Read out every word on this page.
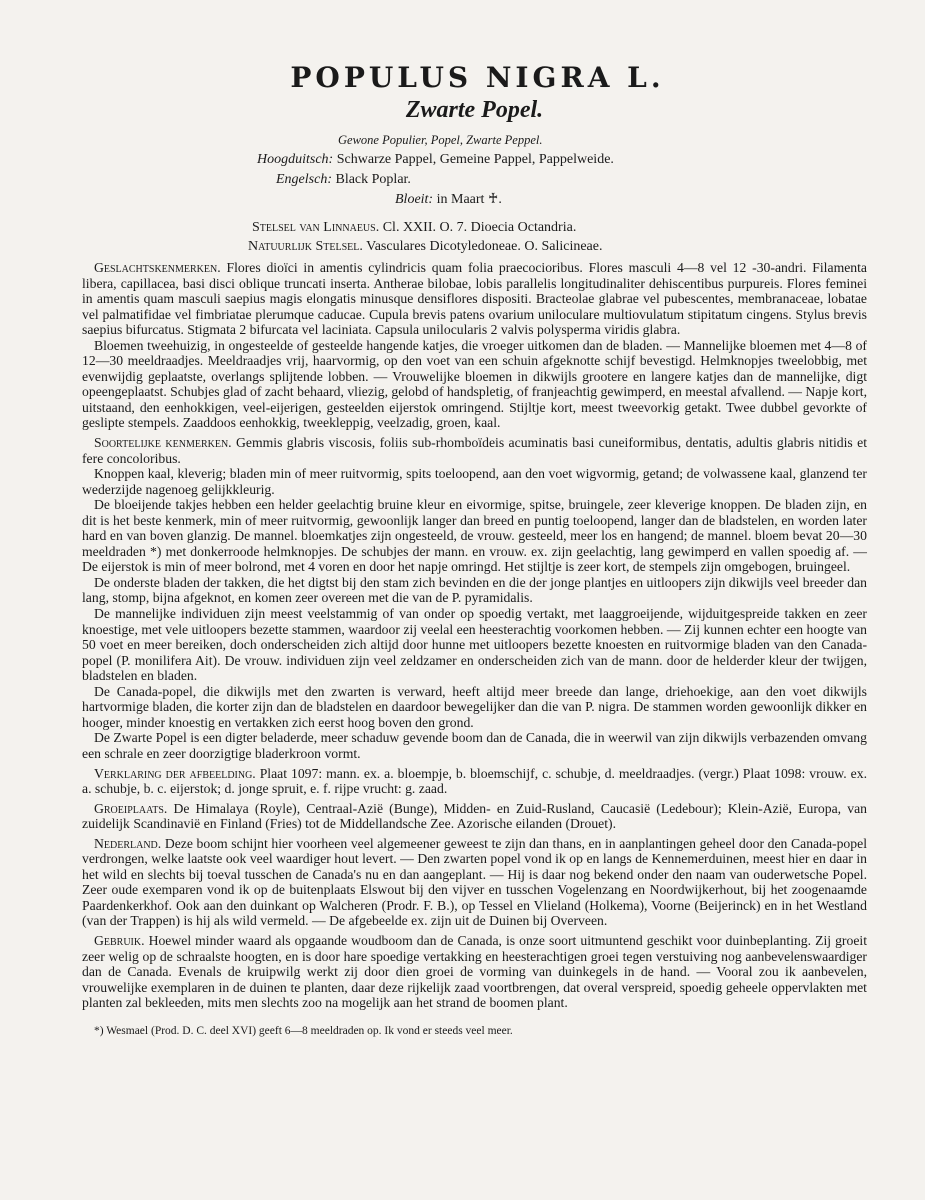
POPULUS NIGRA L.
Zwarte Popel.
Gewone Populier, Popel, Zwarte Peppel.
Hoogduitsch: Schwarze Pappel, Gemeine Pappel, Pappelweide.
Engelsch: Black Poplar.
Bloeit: in Maart ♰.
Stelsel van Linnaeus. Cl. XXII. O. 7. Dioecia Octandria.
Natuurlijk Stelsel. Vasculares Dicotyledoneae. O. Salicineae.

Geslachtskenmerken. Flores dioïci in amentis cylindricis quam folia praecocioribus. Flores masculi 4—8 vel 12 -30-andri. Filamenta libera, capillacea, basi disci oblique truncati inserta. Antherae bilobae, lobis parallelis longitudinaliter dehiscentibus purpureis. Flores feminei in amentis quam masculi saepius magis elongatis minusque densiflores dispositi. Bracteolae glabrae vel pubescentes, membranaceae, lobatae vel palmatifidae vel fimbriatae plerumque caducae. Cupula brevis patens ovarium uniloculare multiovulatum stipitatum cingens. Stylus brevis saepius bifurcatus. Stigmata 2 bifurcata vel laciniata. Capsula unilocularis 2 valvis polysperma viridis glabra.

Bloemen tweehuizig, in ongesteelde of gesteelde hangende katjes, die vroeger uitkomen dan de bladen. — Mannelijke bloemen met 4—8 of 12—30 meeldraadjes. Meeldraadjes vrij, haarvormig, op den voet van een schuin afgeknotte schijf bevestigd. Helmknopjes tweelobbig, met evenwijdig geplaatste, overlangs splijtende lobben. — Vrouwelijke bloemen in dikwijls grootere en langere katjes dan de mannelijke, digt opeengeplaatst. Schubjes glad of zacht behaard, vliezig, gelobd of handspletig, of franjeachtig gewimperd, en meestal afvallend. — Napje kort, uitstaand, den eenhokkigen, veel-eijerigen, gesteelden eijerstok omringend. Stijltje kort, meest tweevorkig getakt. Twee dubbel gevorkte of geslipte stempels. Zaaddoos eenhokkig, tweekleppig, veelzadig, groen, kaal.

Soortelijke kenmerken. Gemmis glabris viscosis, foliis sub-rhomboïdeis acuminatis basi cuneiformibus, dentatis, adultis glabris nitidis et fere concoloribus.

Knoppen kaal, kleverig; bladen min of meer ruitvormig, spits toeloopend, aan den voet wigvormig, getand; de volwassene kaal, glanzend ter wederzijde nagenoeg gelijkkleurig.

De bloeijende takjes hebben een helder geelachtig bruine kleur en eivormige, spitse, bruingele, zeer kleverige knoppen. De bladen zijn, en dit is het beste kenmerk, min of meer ruitvormig, gewoonlijk langer dan breed en puntig toeloopend, langer dan de bladstelen, en worden later hard en van boven glanzig. De mannel. bloemkatjes zijn ongesteeld, de vrouw. gesteeld, meer los en hangend; de mannel. bloem bevat 20—30 meeldraden *) met donkerroode helmknopjes. De schubjes der mann. en vrouw. ex. zijn geelachtig, lang gewimperd en vallen spoedig af. — De eijerstok is min of meer bolrond, met 4 voren en door het napje omringd. Het stijltje is zeer kort, de stempels zijn omgebogen, bruingeel.

De onderste bladen der takken, die het digtst bij den stam zich bevinden en die der jonge plantjes en uitloopers zijn dikwijls veel breeder dan lang, stomp, bijna afgeknot, en komen zeer overeen met die van de P. pyramidalis.

De mannelijke individuen zijn meest veelstammig of van onder op spoedig vertakt, met laaggroeijende, wijduitgespreide takken en zeer knoestige, met vele uitloopers bezette stammen, waardoor zij veelal een heesterachtig voorkomen hebben. — Zij kunnen echter een hoogte van 50 voet en meer bereiken, doch onderscheiden zich altijd door hunne met uitloopers bezette knoesten en ruitvormige bladen van den Canada-popel (P. monilifera Ait). De vrouw. individuen zijn veel zeldzamer en onderscheiden zich van de mann. door de helderder kleur der twijgen, bladstelen en bladen.

De Canada-popel, die dikwijls met den zwarten is verward, heeft altijd meer breede dan lange, driehoekige, aan den voet dikwijls hartvormige bladen, die korter zijn dan de bladstelen en daardoor bewegelijker dan die van P. nigra. De stammen worden gewoonlijk dikker en hooger, minder knoestig en vertakken zich eerst hoog boven den grond.

De Zwarte Popel is een digter beladerde, meer schaduw gevende boom dan de Canada, die in weerwil van zijn dikwijls verbazenden omvang een schrale en zeer doorzigtige bladerkroon vormt.

Verklaring der afbeelding. Plaat 1097: mann. ex. a. bloempje, b. bloemschijf, c. schubje, d. meeldraadjes. (vergr.) Plaat 1098: vrouw. ex. a. schubje, b. c. eijerstok; d. jonge spruit, e. f. rijpe vrucht: g. zaad.

Groeiplaats. De Himalaya (Royle), Centraal-Azië (Bunge), Midden- en Zuid-Rusland, Caucasië (Ledebour); Klein-Azië, Europa, van zuidelijk Scandinavië en Finland (Fries) tot de Middellandsche Zee. Azorische eilanden (Drouet).

Nederland. Deze boom schijnt hier voorheen veel algemeener geweest te zijn dan thans, en in aanplantingen geheel door den Canada-popel verdrongen, welke laatste ook veel waardiger hout levert. — Den zwarten popel vond ik op en langs de Kennemerduinen, meest hier en daar in het wild en slechts bij toeval tusschen de Canada's nu en dan aangeplant. — Hij is daar nog bekend onder den naam van ouderwetsche Popel. Zeer oude exemparen vond ik op de buitenplaats Elswout bij den vijver en tusschen Vogelenzang en Noordwijkerhout, bij het zoogenaamde Paardenkerkhof. Ook aan den duinkant op Walcheren (Prodr. F. B.), op Tessel en Vlieland (Holkema), Voorne (Beijerinck) en in het Westland (van der Trappen) is hij als wild vermeld. — De afgebeelde ex. zijn uit de Duinen bij Overveen.

Gebruik. Hoewel minder waard als opgaande woudboom dan de Canada, is onze soort uitmuntend geschikt voor duinbeplanting. Zij groeit zeer welig op de schraalste hoogten, en is door hare spoedige vertakking en heesterachtigen groei tegen verstuiving nog aanbevelenswaardiger dan de Canada. Evenals de kruipwilg werkt zij door dien groei de vorming van duinkegels in de hand. — Vooral zou ik aanbevelen, vrouwelijke exemplaren in de duinen te planten, daar deze rijkelijk zaad voortbrengen, dat overal verspreid, spoedig geheele oppervlakten met planten zal bekleeden, mits men slechts zoo na mogelijk aan het strand de boomen plant.

*) Wesmael (Prod. D. C. deel XVI) geeft 6—8 meeldraden op. Ik vond er steeds veel meer.
